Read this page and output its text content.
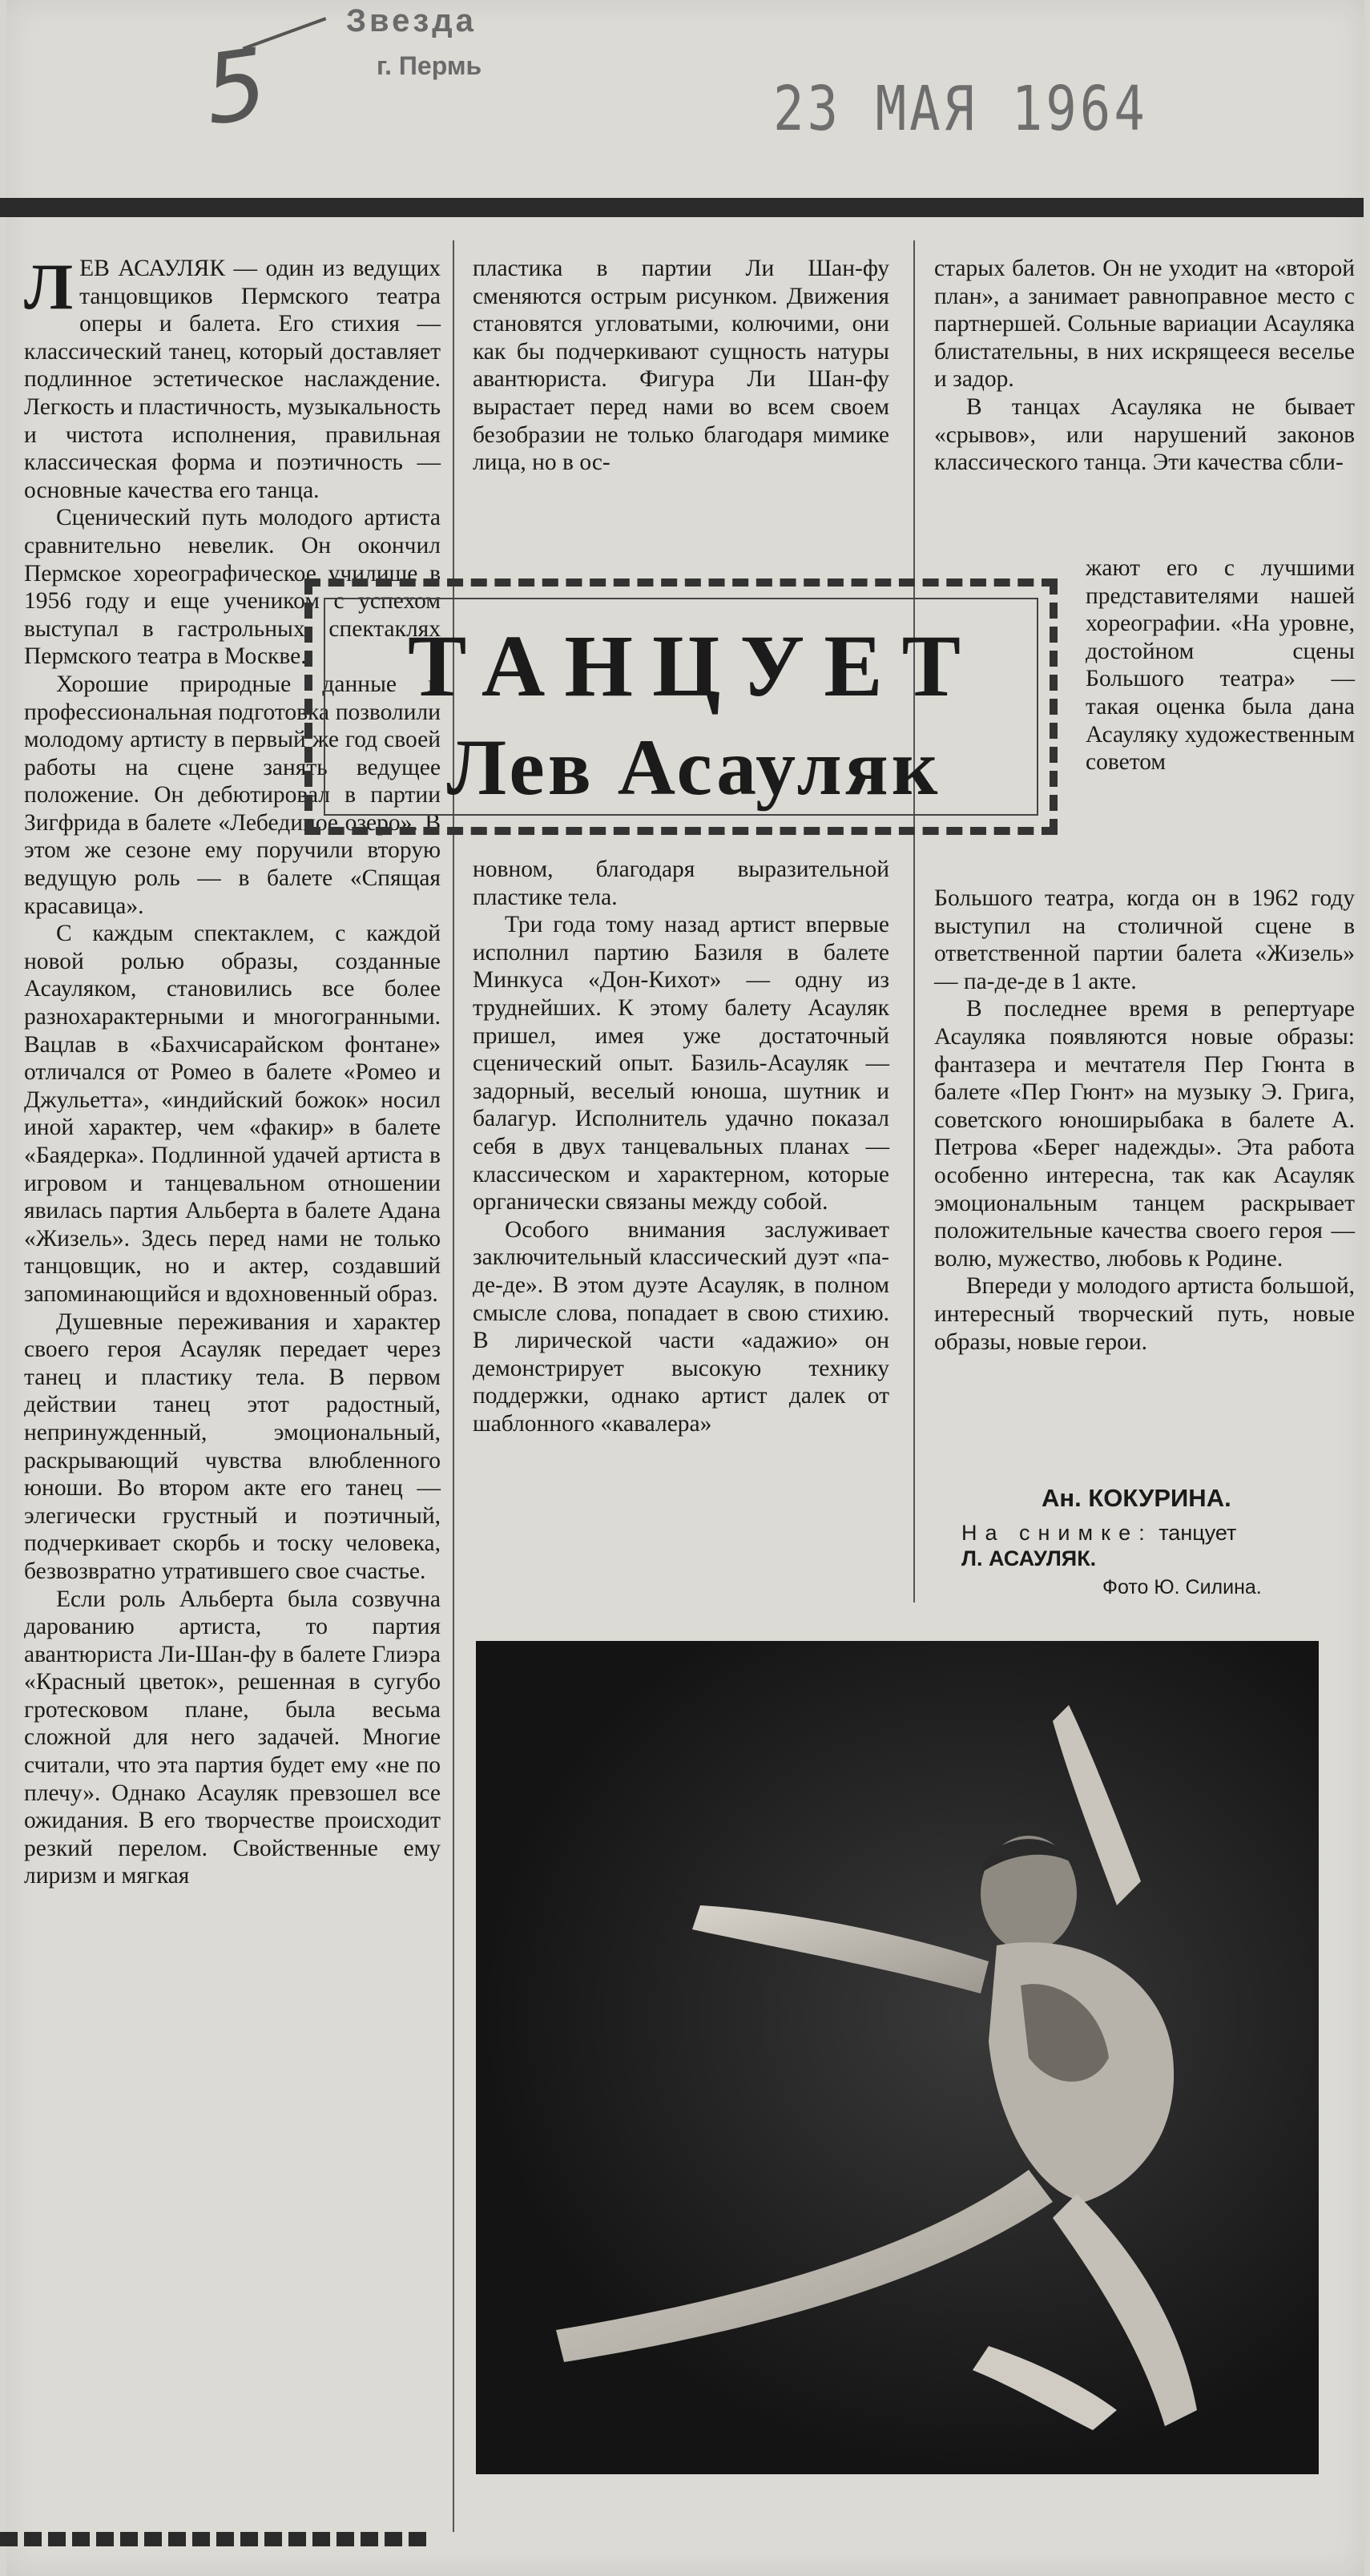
5
Звезда
г. Пермь
23 МАЯ 1964

ЛЕВ АСАУЛЯК — один из ведущих танцовщиков Пермского театра оперы и балета. Его стихия — классический танец, который доставляет подлинное эстетическое наслаждение. Легкость и пластичность, музыкальность и чистота исполнения, правильная классическая форма и поэтичность — основные качества его танца.

Сценический путь молодого артиста сравнительно невелик. Он окончил Пермское хореографическое училище в 1956 году и еще учеником с успехом выступал в гастрольных спектаклях Пермского театра в Москве.

Хорошие природные данные и профессиональная подготовка позволили молодому артисту в первый же год своей работы на сцене занять ведущее положение. Он дебютировал в партии Зигфрида в балете «Лебединое озеро». В этом же сезоне ему поручили вторую ведущую роль — в балете «Спящая красавица».

С каждым спектаклем, с каждой новой ролью образы, созданные Асауляком, становились все более разнохарактерными и многогранными. Вацлав в «Бахчисарайском фонтане» отличался от Ромео в балете «Ромео и Джульетта», «индийский божок» носил иной характер, чем «факир» в балете «Баядерка». Подлинной удачей артиста в игровом и танцевальном отношении явилась партия Альберта в балете Адана «Жизель». Здесь перед нами не только танцовщик, но и актер, создавший запоминающийся и вдохновенный образ.

Душевные переживания и характер своего героя Асауляк передает через танец и пластику тела. В первом действии танец этот радостный, непринужденный, эмоциональный, раскрывающий чувства влюбленного юноши. Во втором акте его танец — элегически грустный и поэтичный, подчеркивает скорбь и тоску человека, безвозвратно утратившего свое счастье.

Если роль Альберта была созвучна дарованию артиста, то партия авантюриста Ли-Шан-фу в балете Глиэра «Красный цветок», решенная в сугубо гротесковом плане, была весьма сложной для него задачей. Многие считали, что эта партия будет ему «не по плечу». Однако Асауляк превзошел все ожидания. В его творчестве происходит резкий перелом. Свойственные ему лиризм и мягкая

пластика в партии Ли Шан-фу сменяются острым рисунком. Движения становятся угловатыми, колючими, они как бы подчеркивают сущность натуры авантюриста. Фигура Ли Шан-фу вырастает перед нами во всем своем безобразии не только благодаря мимике лица, но в ос-

новном, благодаря выразительной пластике тела.

Три года тому назад артист впервые исполнил партию Базиля в балете Минкуса «Дон-Кихот» — одну из труднейших. К этому балету Асауляк пришел, имея уже достаточный сценический опыт. Базиль-Асауляк — задорный, веселый юноша, шутник и балагур. Исполнитель удачно показал себя в двух танцевальных планах — классическом и характерном, которые органически связаны между собой.

Особого внимания заслуживает заключительный классический дуэт «па-де-де». В этом дуэте Асауляк, в полном смысле слова, попадает в свою стихию. В лирической части «адажио» он демонстрирует высокую технику поддержки, однако артист далек от шаблонного «кавалера»

старых балетов. Он не уходит на «второй план», а занимает равноправное место с партнершей. Сольные вариации Асауляка блистательны, в них искрящееся веселье и задор.

В танцах Асауляка не бывает «срывов», или нарушений законов классического танца. Эти качества сбли-

жают его с лучшими представителями нашей хореографии. «На уровне, достойном сцены Большого театра» — такая оценка была дана Асауляку художественным советом

Большого театра, когда он в 1962 году выступил на столичной сцене в ответственной партии балета «Жизель» — па-де-де в 1 акте.

В последнее время в репертуаре Асауляка появляются новые образы: фантазера и мечтателя Пер Гюнта в балете «Пер Гюнт» на музыку Э. Грига, советского юноширыбака в балете А. Петрова «Берег надежды». Эта работа особенно интересна, так как Асауляк эмоциональным танцем раскрывает положительные качества своего героя — волю, мужество, любовь к Родине.

Впереди у молодого артиста большой, интересный творческий путь, новые образы, новые герои.

ТАНЦУЕТ
Лев Асауляк
Ан. КОКУРИНА.
На снимке: танцует
Л. АСАУЛЯК.
Фото Ю. Силина.
